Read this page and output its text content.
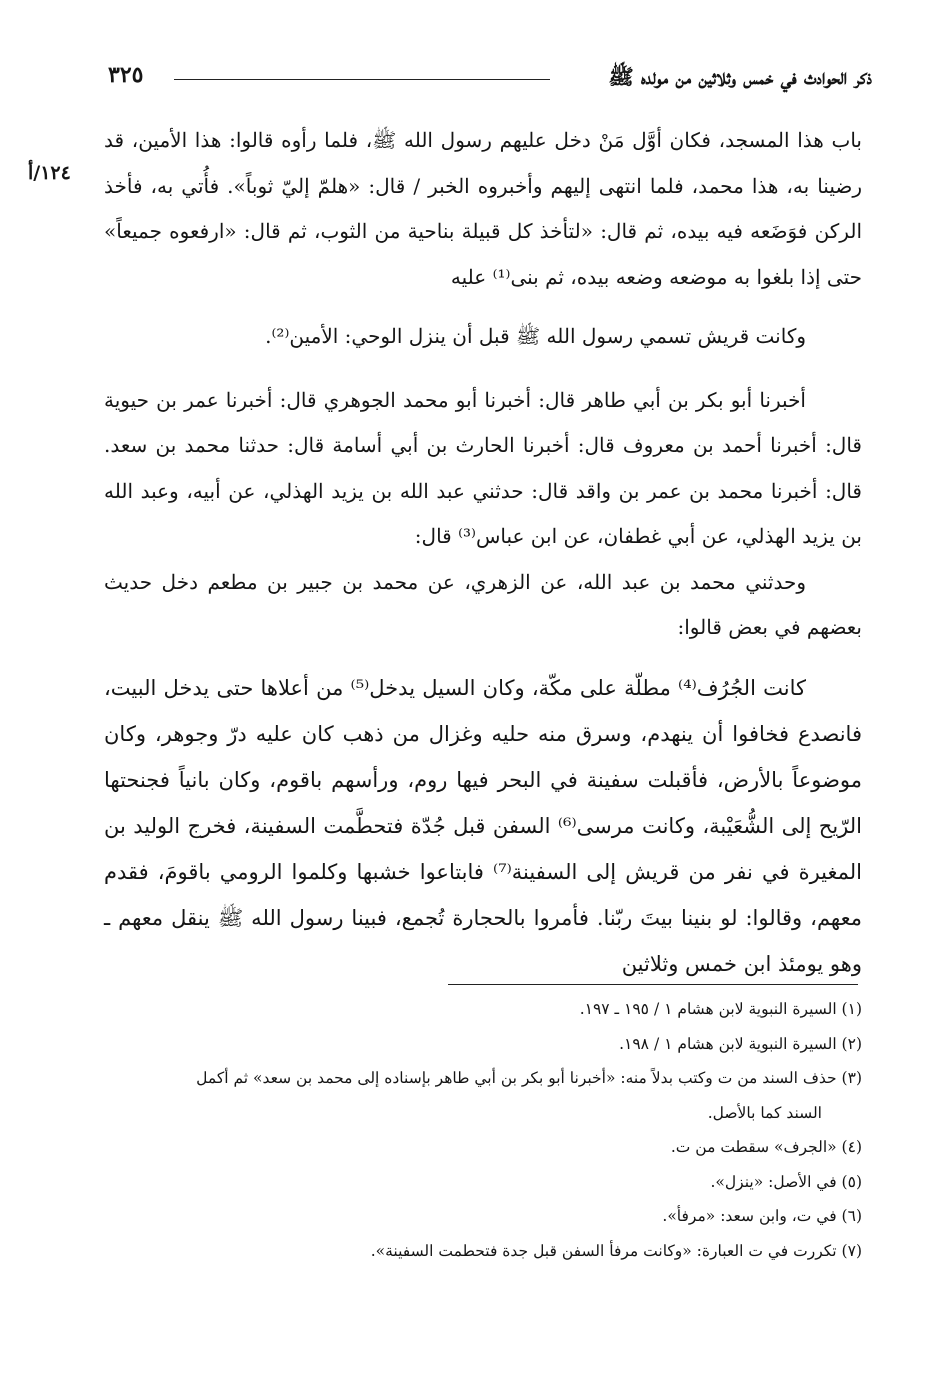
ذكر الحوادث في خمس وثلاثين من مولده ﷺ
٣٢٥
١٢٤/أ

باب هذا المسجد، فكان أوَّل مَنْ دخل عليهم رسول الله ﷺ، فلما رأوه قالوا: هذا الأمين، قد رضينا به، هذا محمد، فلما انتهى إليهم وأخبروه الخبر / قال: «هلمّ إليّ ثوباً». فأُتي به، فأخذ الركن فوَضَعه فيه بيده، ثم قال: «لتأخذ كل قبيلة بناحية من الثوب، ثم قال: «ارفعوه جميعاً» حتى إذا بلغوا به موضعه وضعه بيده، ثم بنى⁽¹⁾ عليه

وكانت قريش تسمي رسول الله ﷺ قبل أن ينزل الوحي: الأمين⁽²⁾.

أخبرنا أبو بكر بن أبي طاهر قال: أخبرنا أبو محمد الجوهري قال: أخبرنا عمر بن حيوية قال: أخبرنا أحمد بن معروف قال: أخبرنا الحارث بن أبي أسامة قال: حدثنا محمد بن سعد. قال: أخبرنا محمد بن عمر بن واقد قال: حدثني عبد الله بن يزيد الهذلي، عن أبيه، وعبد الله بن يزيد الهذلي، عن أبي غطفان، عن ابن عباس⁽³⁾ قال:

وحدثني محمد بن عبد الله، عن الزهري، عن محمد بن جبير بن مطعم دخل حديث بعضهم في بعض قالوا:

كانت الجُرُف⁽⁴⁾ مطلّة على مكّة، وكان السيل يدخل⁽⁵⁾ من أعلاها حتى يدخل البيت، فانصدع فخافوا أن ينهدم، وسرق منه حليه وغزال من ذهب كان عليه درّ وجوهر، وكان موضوعاً بالأرض، فأقبلت سفينة في البحر فيها روم، ورأسهم باقوم، وكان بانياً فجنحتها الرّيح إلى الشُّعَيْبة، وكانت مرسى⁽⁶⁾ السفن قبل جُدّة فتحطَّمت السفينة، فخرج الوليد بن المغيرة في نفر من قريش إلى السفينة⁽⁷⁾ فابتاعوا خشبها وكلموا الرومي باقومَ، فقدم معهم، وقالوا: لو بنينا بيتَ ربّنا. فأمروا بالحجارة تُجمع، فبينا رسول الله ﷺ ينقل معهم ـ وهو يومئذ ابن خمس وثلاثين

(١) السيرة النبوية لابن هشام ١ / ١٩٥ ـ ١٩٧.

(٢) السيرة النبوية لابن هشام ١ / ١٩٨.

(٣) حذف السند من ت وكتب بدلاً منه: «أخبرنا أبو بكر بن أبي طاهر بإسناده إلى محمد بن سعد» ثم أكمل

السند كما بالأصل.

(٤) «الجرف» سقطت من ت.

(٥) في الأصل: «ينزل».

(٦) في ت، وابن سعد: «مرفأ».

(٧) تكررت في ت العبارة: «وكانت مرفأ السفن قبل جدة فتحطمت السفينة».
